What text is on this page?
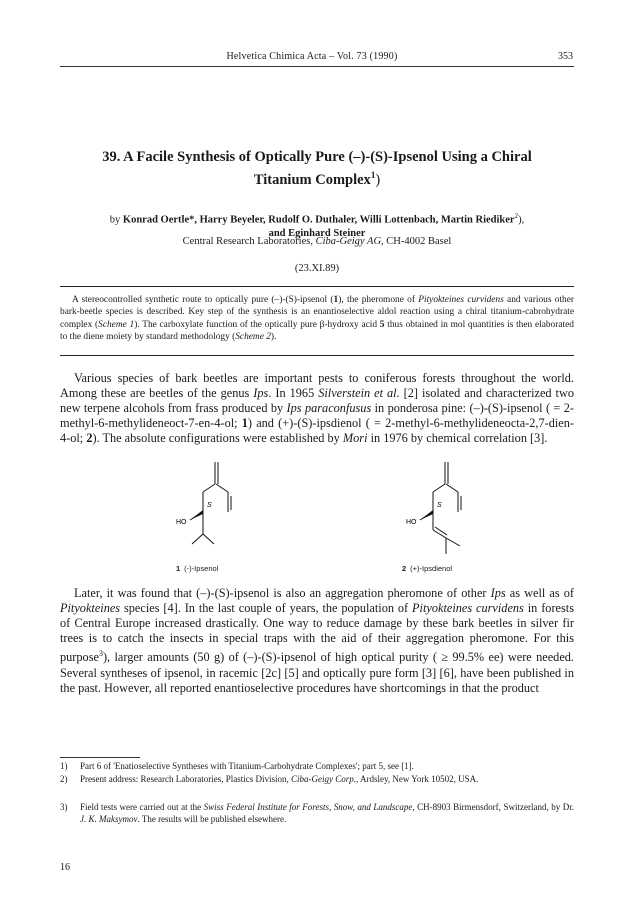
Helvetica Chimica Acta – Vol. 73 (1990)	353
39. A Facile Synthesis of Optically Pure (–)-(S)-Ipsenol Using a Chiral
Titanium Complex$^1$)
by Konrad Oertle*, Harry Beyeler, Rudolf O. Duthaler, Willi Lottenbach, Martin Riediker$^2$),
and Eginhard Steiner
Central Research Laboratories, Ciba-Geigy AG, CH-4002 Basel
(23.XI.89)
A stereocontrolled synthetic route to optically pure (–)-(S)-ipsenol (1), the pheromone of Pityokteines curvidens and various other bark-beetle species is described. Key step of the synthesis is an enantioselective aldol reaction using a chiral titanium-cabrohydrate complex (Scheme 1). The carboxylate function of the optically pure β-hydroxy acid 5 thus obtained in mol quantities is then elaborated to the diene moiety by standard methodology (Scheme 2).
Various species of bark beetles are important pests to coniferous forests throughout the world. Among these are beetles of the genus Ips. In 1965 Silverstein et al. [2] isolated and characterized two new terpene alcohols from frass produced by Ips paraconfusus in ponderosa pine: (–)-(S)-ipsenol ( = 2-methyl-6-methylideneoct-7-en-4-ol; 1) and (+)-(S)-ipsdienol ( = 2-methyl-6-methylideneocta-2,7-dien-4-ol; 2). The absolute configurations were established by Mori in 1976 by chemical correlation [3].
HO
S
HO
S
1 (-)-Ipsenol	2 (+)-Ipsdienol
Later, it was found that (–)-(S)-ipsenol is also an aggregation pheromone of other Ips as well as of Pityokteines species [4]. In the last couple of years, the population of Pityokteines curvidens in forests of Central Europe increased drastically. One way to reduce damage by these bark beetles in silver fir trees is to catch the insects in special traps with the aid of their aggregation pheromone. For this purpose$^3$), larger amounts (50 g) of (–)-(S)-ipsenol of high optical purity ( ≥ 99.5% ee) were needed. Several syntheses of ipsenol, in racemic [2c] [5] and optically pure form [3] [6], have been published in the past. However, all reported enantioselective procedures have shortcomings in that the product
1)	Part 6 of 'Enatioselective Syntheses with Titanium-Carbohydrate Complexes'; part 5, see [1].
2)	Present address: Research Laboratories, Plastics Division, Ciba-Geigy Corp., Ardsley, New York 10502, USA.
3)	Field tests were carried out at the Swiss Federal Institute for Forests, Snow, and Landscape, CH-8903 Birmensdorf, Switzerland, by Dr. J. K. Maksymov. The results will be published elsewhere.
16
